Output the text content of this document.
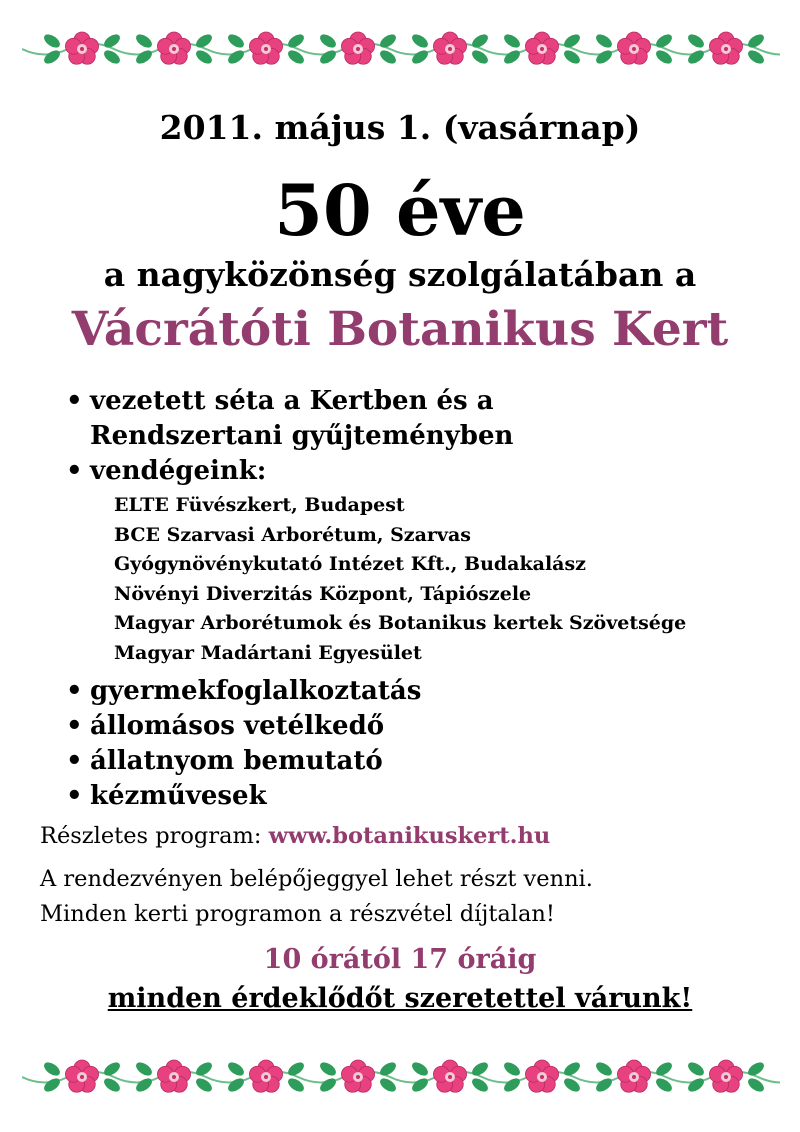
2011. május 1. (vasárnap)
50 éve
a nagyközönség szolgálatában a
Vácrátóti Botanikus Kert
• vezetett séta a Kertben és a
Rendszertani gyűjteményben
• vendégeink:
ELTE Füvészkert, Budapest
BCE Szarvasi Arborétum, Szarvas
Gyógynövénykutató Intézet Kft., Budakalász
Növényi Diverzitás Központ, Tápiószele
Magyar Arborétumok és Botanikus kertek Szövetsége
Magyar Madártani Egyesület
• gyermekfoglalkoztatás
• állomásos vetélkedő
• állatnyom bemutató
• kézművesek
Részletes program: www.botanikuskert.hu
A rendezvényen belépőjeggyel lehet részt venni.
Minden kerti programon a részvétel díjtalan!
10 órától 17 óráig
minden érdeklődőt szeretettel várunk!
